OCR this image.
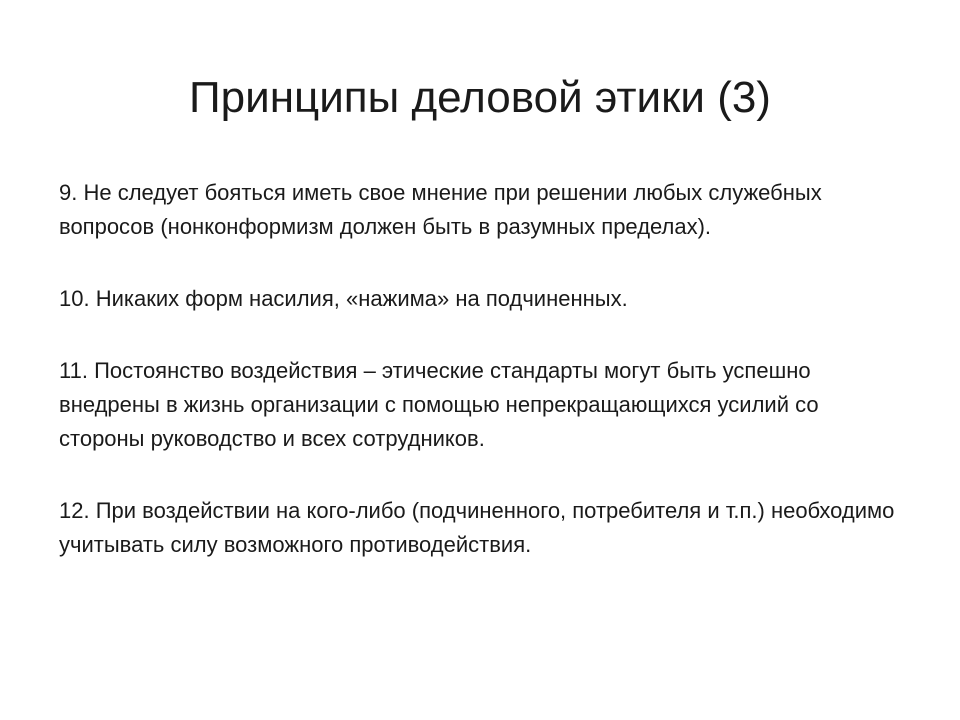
Принципы деловой этики (3)

9. Не следует бояться иметь свое мнение при решении любых служебных вопросов (нонконформизм должен быть в разумных пределах).

10. Никаких форм насилия, «нажима» на подчиненных.

11. Постоянство воздействия – этические стандарты могут быть успешно внедрены в жизнь организации с помощью непрекращающихся усилий со стороны руководство и всех сотрудников.

12. При воздействии на кого-либо (подчиненного, потребителя и т.п.) необходимо учитывать силу возможного противодействия.
